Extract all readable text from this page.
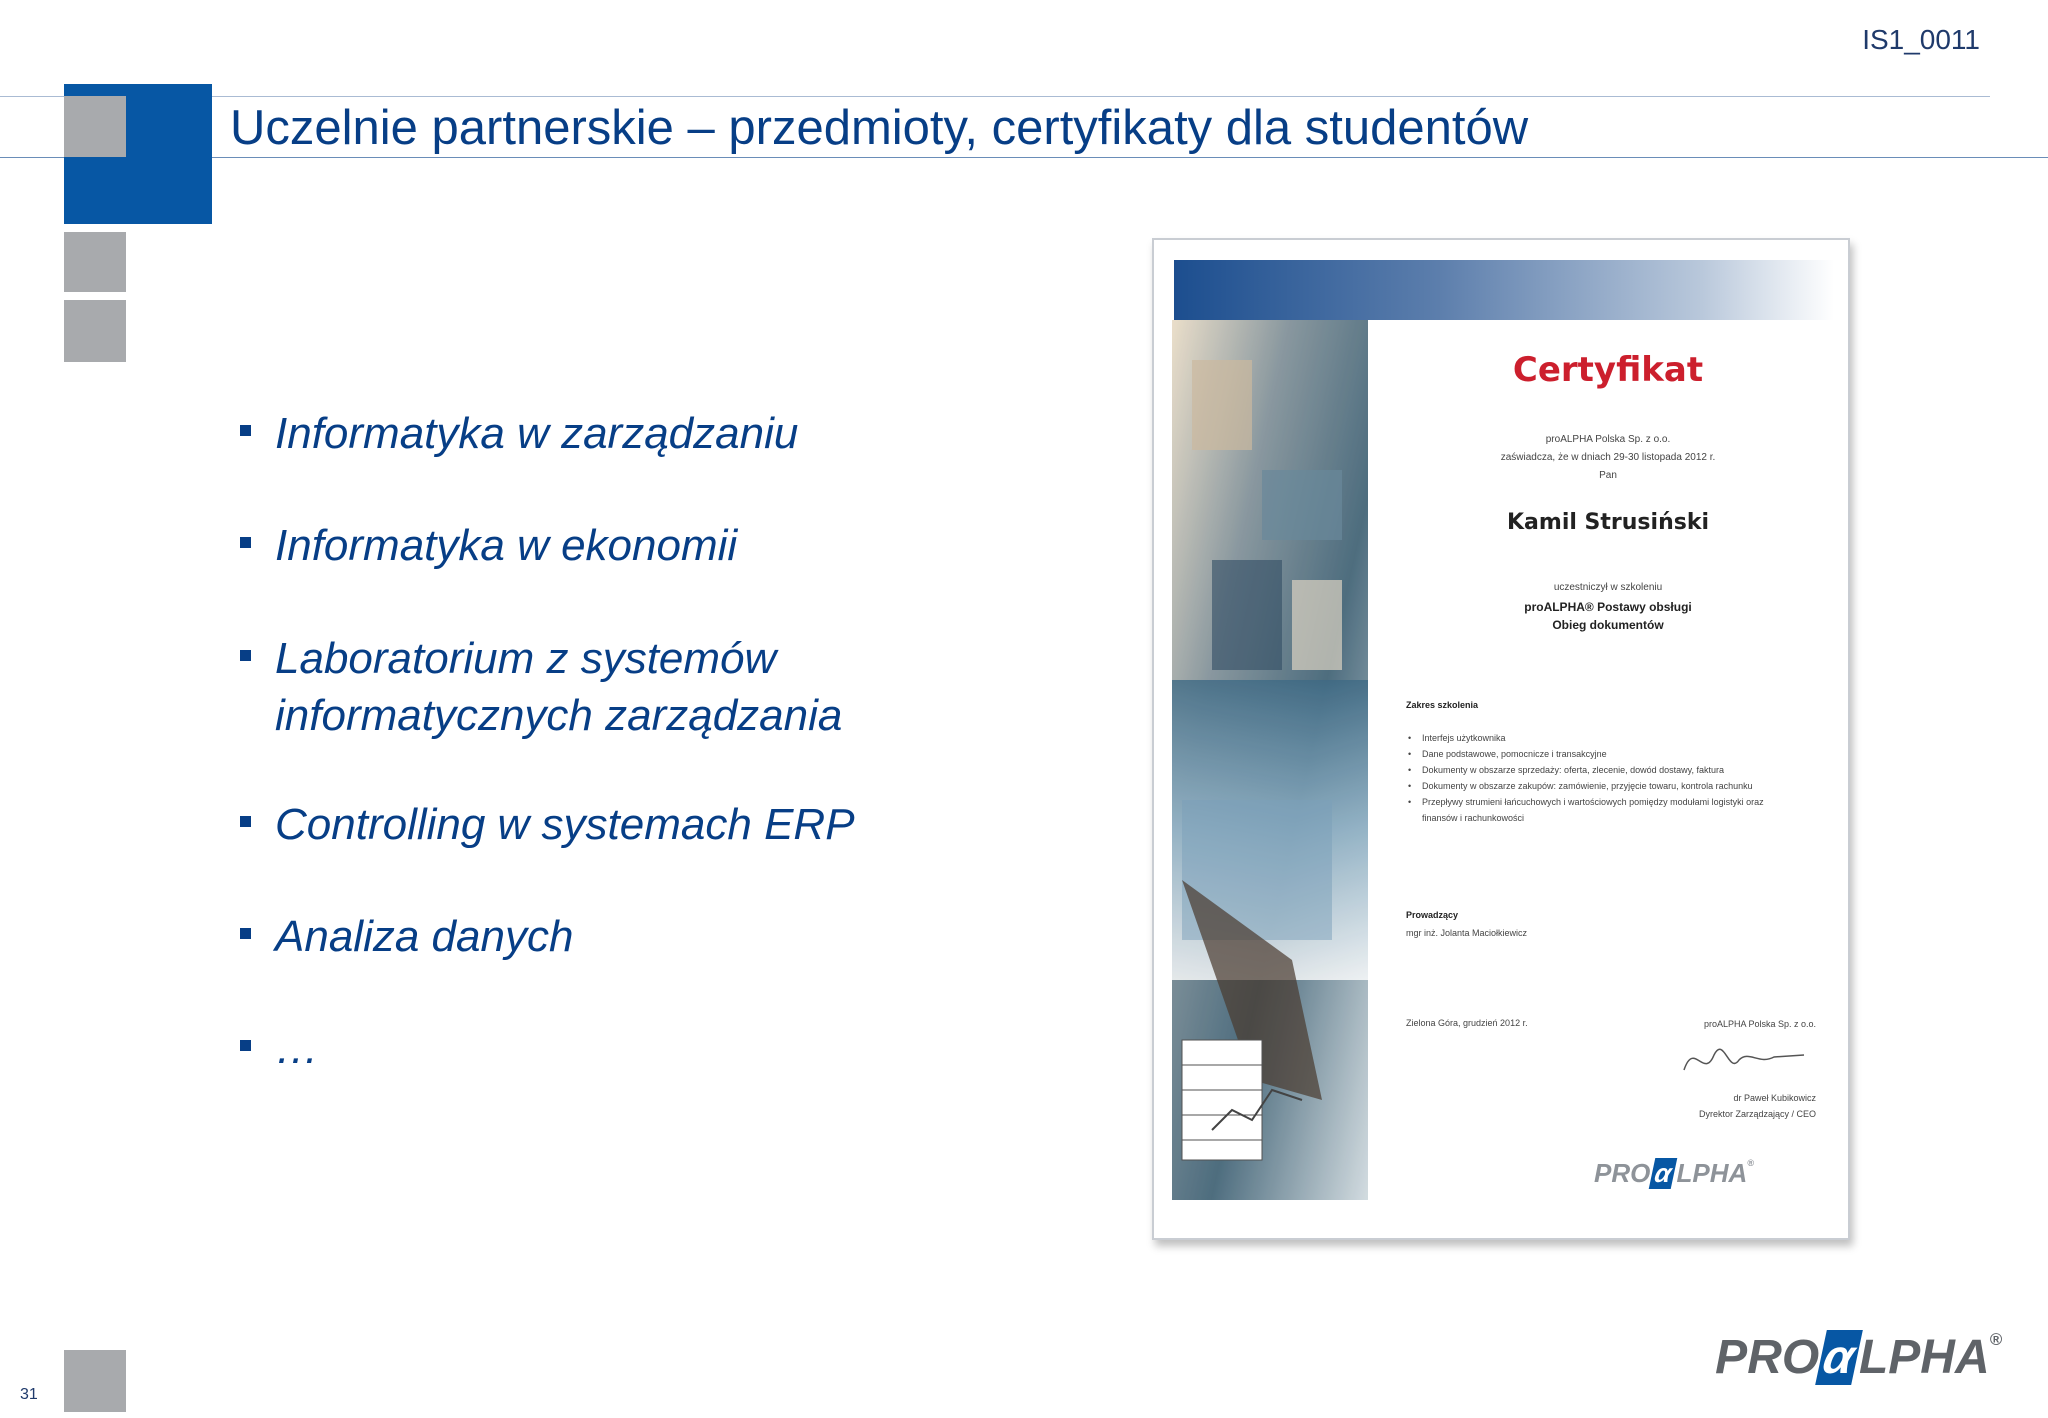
IS1_0011
Uczelnie partnerskie – przedmioty, certyfikaty dla studentów
Informatyka w zarządzaniu
Informatyka w ekonomii
Laboratorium z systemów informatycznych zarządzania
Controlling w systemach ERP
Analiza danych
…
Certyfikat
proALPHA Polska Sp. z o.o.
zaświadcza, że w dniach 29-30 listopada 2012 r.
Pan
Kamil Strusiński
uczestniczył w szkoleniu
proALPHA® Postawy obsługi
Obieg dokumentów
Zakres szkolenia
• Interfejs użytkownika
• Dane podstawowe, pomocnicze i transakcyjne
• Dokumenty w obszarze sprzedaży: oferta, zlecenie, dowód dostawy, faktura
• Dokumenty w obszarze zakupów: zamówienie, przyjęcie towaru, kontrola rachunku
• Przepływy strumieni łańcuchowych i wartościowych pomiędzy modułami logistyki oraz finansów i rachunkowości
Prowadzący
mgr inż. Jolanta Maciołkiewicz
Zielona Góra, grudzień 2012 r.	proALPHA Polska Sp. z o.o.
dr Paweł Kubikowicz
Dyrektor Zarządzający / CEO
PROαLPHA®
31
PROαLPHA®
